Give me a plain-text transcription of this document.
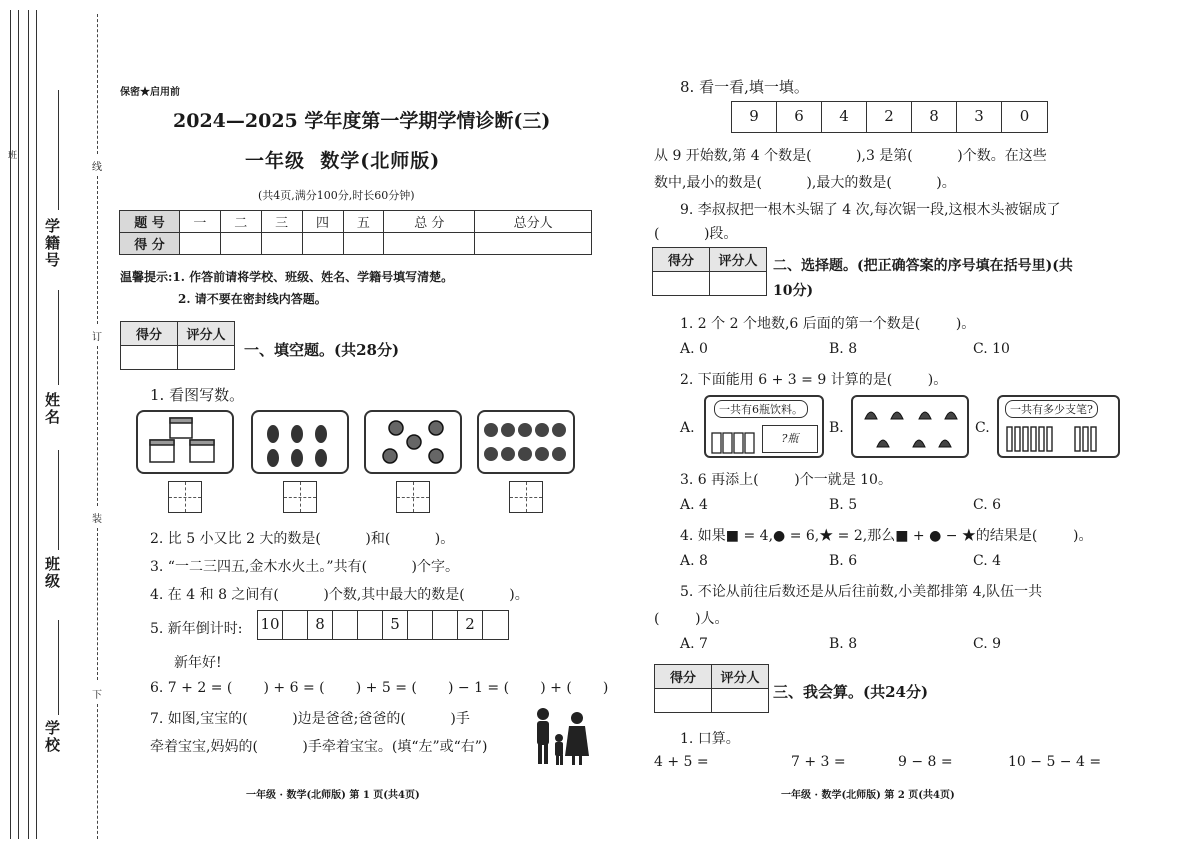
班
学籍号
姓名
班级
学校
线
订
装
下
保密★启用前
2024—2025 学年度第一学期学情诊断(三)
一年级  数学(北师版)
(共4页,满分100分,时长60分钟)
题 号	一	二	三	四	五	总 分	总分人
得 分							
温馨提示:1. 作答前请将学校、班级、姓名、学籍号填写清楚。
2. 请不要在密封线内答题。
得分	评分人

一、填空题。(共28分)
1. 看图写数。
2. 比 5 小又比 2 大的数是(          )和(          )。
3. “一二三四五,金木水火土。”共有(          )个字。
4. 在 4 和 8 之间有(          )个数,其中最大的数是(          )。
5. 新年倒计时: 10	8	5	2
新年好!
6. 7 + 2 = (       ) + 6 = (       ) + 5 = (       ) − 1 = (       ) + (       )
7. 如图,宝宝的(          )边是爸爸;爸爸的(          )手
牵着宝宝,妈妈的(          )手牵着宝宝。(填“左”或“右”)
一年级 · 数学(北师版) 第 1 页(共4页)
8. 看一看,填一填。
9	6	4	2	8	3	0
从 9 开始数,第 4 个数是(          ),3 是第(          )个数。在这些
数中,最小的数是(          ),最大的数是(          )。
9. 李叔叔把一根木头锯了 4 次,每次锯一段,这根木头被锯成了
(          )段。
得分	评分人
	二、选择题。(把正确答案的序号填在括号里)(共
10分)
1. 2 个 2 个地数,6 后面的第一个数是(        )。
A. 0	B. 8	C. 10
2. 下面能用 6 + 3 = 9 计算的是(        )。
A.
一共有6瓶饮料。
?瓶
B.	C.
一共有多少支笔?
3. 6 再添上(        )个一就是 10。
A. 4	B. 5	C. 6
4. 如果■ = 4,● = 6,★ = 2,那么■ + ● − ★的结果是(        )。
A. 8	B. 6	C. 4
5. 不论从前往后数还是从后往前数,小美都排第 4,队伍一共
(        )人。
A. 7	B. 8	C. 9
得分	评分人

三、我会算。(共24分)
1. 口算。
4 + 5 =	7 + 3 =	9 − 8 =	10 − 5 − 4 =
一年级 · 数学(北师版) 第 2 页(共4页)
